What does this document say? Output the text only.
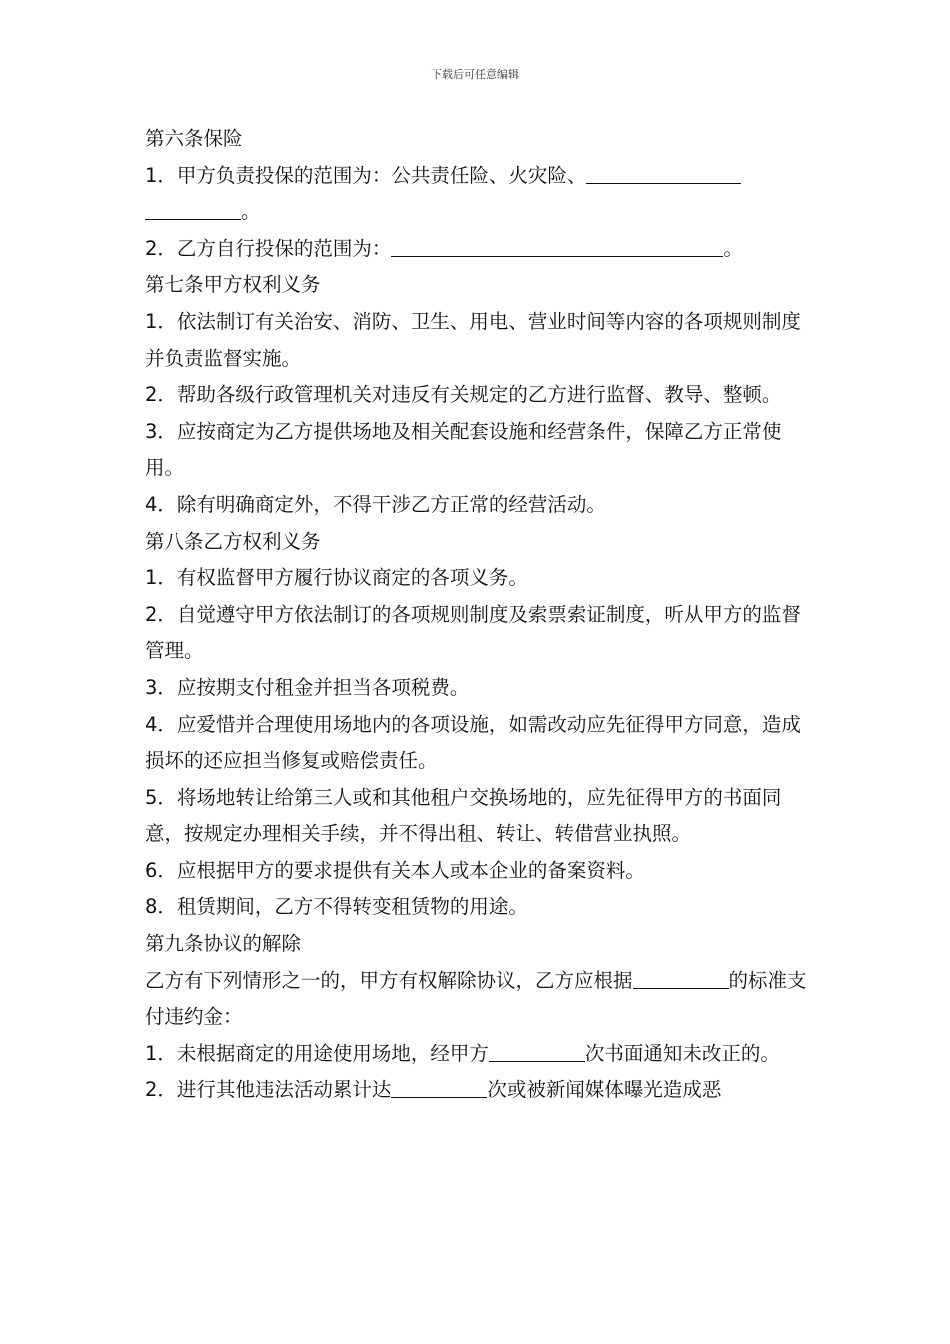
下载后可任意编辑

第六条保险

1．甲方负责投保的范围为：公共责任险、火灾险、。

2．乙方自行投保的范围为：	。

第七条甲方权利义务

1．依法制订有关治安、消防、卫生、用电、营业时间等内容的各项规则制度并负责监督实施。

2．帮助各级行政管理机关对违反有关规定的乙方进行监督、教导、整顿。

3．应按商定为乙方提供场地及相关配套设施和经营条件，保障乙方正常使用。

4．除有明确商定外，不得干涉乙方正常的经营活动。

第八条乙方权利义务

1．有权监督甲方履行协议商定的各项义务。

2．自觉遵守甲方依法制订的各项规则制度及索票索证制度，听从甲方的监督管理。

3．应按期支付租金并担当各项税费。

4．应爱惜并合理使用场地内的各项设施，如需改动应先征得甲方同意，造成损坏的还应担当修复或赔偿责任。

5．将场地转让给第三人或和其他租户交换场地的，应先征得甲方的书面同意，按规定办理相关手续，并不得出租、转让、转借营业执照。

6．应根据甲方的要求提供有关本人或本企业的备案资料。

8．租赁期间，乙方不得转变租赁物的用途。

第九条协议的解除

乙方有下列情形之一的，甲方有权解除协议，乙方应根据	的标准支付违约金：

1．未根据商定的用途使用场地，经甲方	次书面通知未改正的。

2．进行其他违法活动累计达	次或被新闻媒体曝光造成恶
